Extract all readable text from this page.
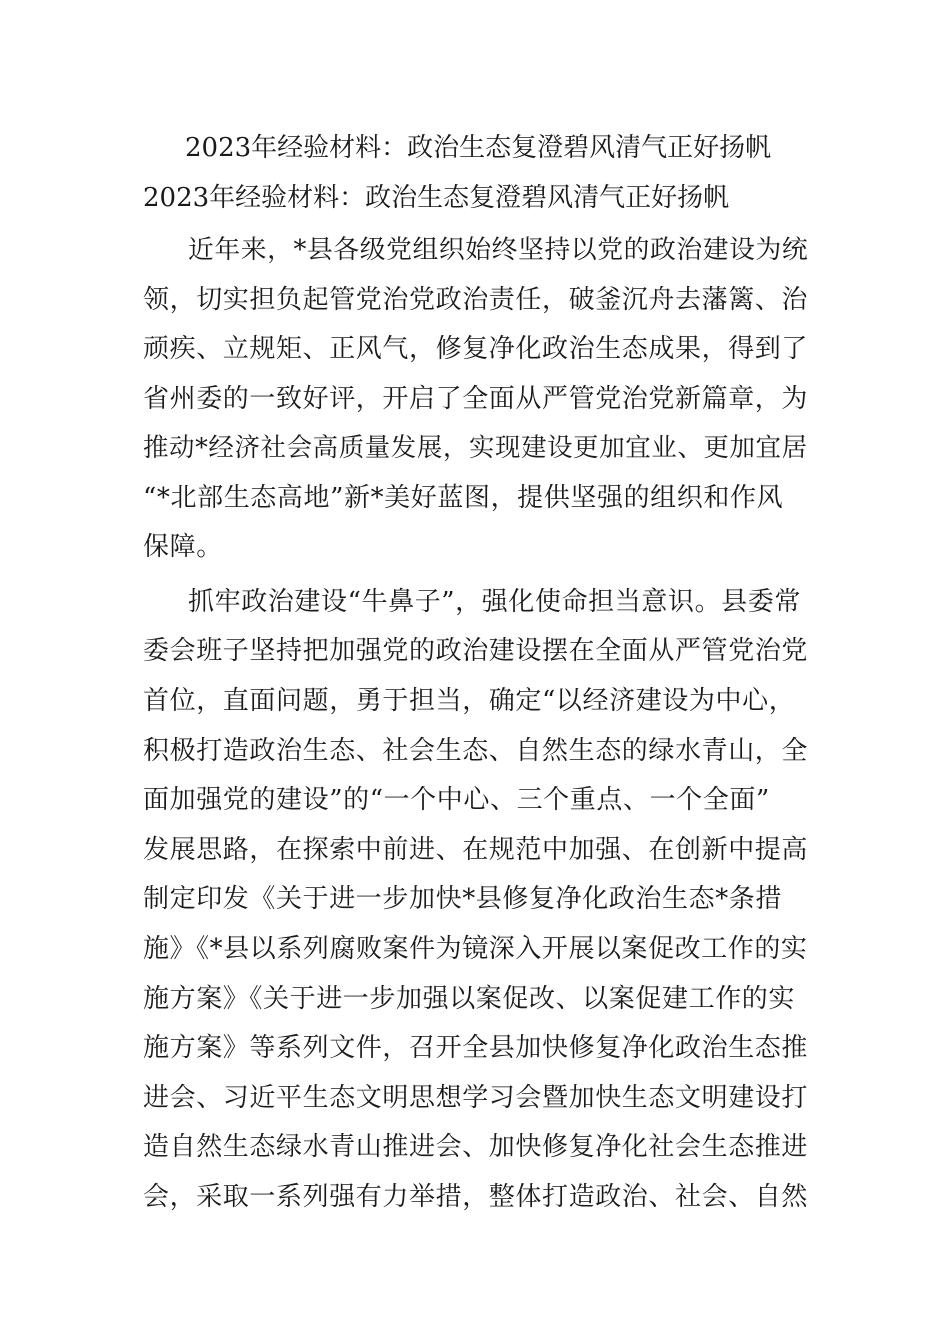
2023年经验材料：政治生态复澄碧风清气正好扬帆
2023年经验材料：政治生态复澄碧风清气正好扬帆
近年来，*县各级党组织始终坚持以党的政治建设为统
领，切实担负起管党治党政治责任，破釜沉舟去藩篱、治
顽疾、立规矩、正风气，修复净化政治生态成果，得到了
省州委的一致好评，开启了全面从严管党治党新篇章，为
推动*经济社会高质量发展，实现建设更加宜业、更加宜居
“*北部生态高地”新*美好蓝图，提供坚强的组织和作风
保障。
抓牢政治建设“牛鼻子”，强化使命担当意识。县委常
委会班子坚持把加强党的政治建设摆在全面从严管党治党
首位，直面问题，勇于担当，确定“以经济建设为中心，
积极打造政治生态、社会生态、自然生态的绿水青山，全
面加强党的建设”的“一个中心、三个重点、一个全面”
发展思路，在探索中前进、在规范中加强、在创新中提高
制定印发《关于进一步加快*县修复净化政治生态*条措
施》《*县以系列腐败案件为镜深入开展以案促改工作的实
施方案》《关于进一步加强以案促改、以案促建工作的实
施方案》等系列文件，召开全县加快修复净化政治生态推
进会、习近平生态文明思想学习会暨加快生态文明建设打
造自然生态绿水青山推进会、加快修复净化社会生态推进
会，采取一系列强有力举措，整体打造政治、社会、自然
